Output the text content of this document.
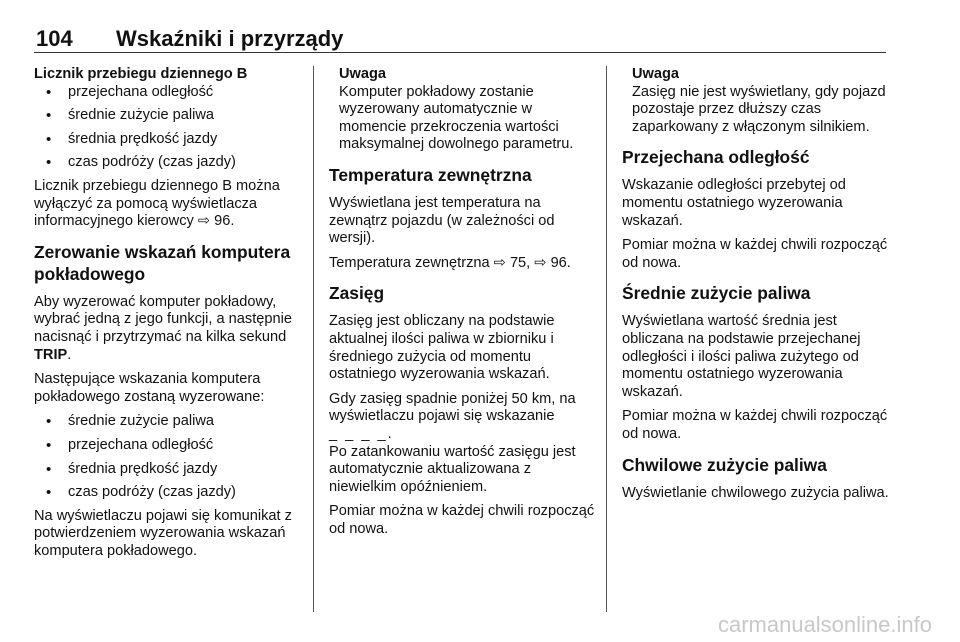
104 Wskaźniki i przyrządy

Licznik przebiegu dziennego B

• przejechana odległość
• średnie zużycie paliwa
• średnia prędkość jazdy
• czas podróży (czas jazdy)

Licznik przebiegu dziennego B można wyłączyć za pomocą wyświetlacza informacyjnego kierowcy ⇨ 96.

Zerowanie wskazań komputera pokładowego

Aby wyzerować komputer pokładowy, wybrać jedną z jego funkcji, a następnie nacisnąć i przytrzymać na kilka sekund TRIP.

Następujące wskazania komputera pokładowego zostaną wyzerowane:

• średnie zużycie paliwa
• przejechana odległość
• średnia prędkość jazdy
• czas podróży (czas jazdy)

Na wyświetlaczu pojawi się komunikat z potwierdzeniem wyzerowania wskazań komputera pokładowego.

Uwaga
Komputer pokładowy zostanie wyzerowany automatycznie w momencie przekroczenia wartości maksymalnej dowolnego parametru.
Temperatura zewnętrzna

Wyświetlana jest temperatura na zewnątrz pojazdu (w zależności od wersji).

Temperatura zewnętrzna ⇨ 75, ⇨ 96.

Zasięg

Zasięg jest obliczany na podstawie aktualnej ilości paliwa w zbiorniku i średniego zużycia od momentu ostatniego wyzerowania wskazań.

Gdy zasięg spadnie poniżej 50 km, na wyświetlaczu pojawi się wskazanie

_ _ _ _.

Po zatankowaniu wartość zasięgu jest automatycznie aktualizowana z niewielkim opóźnieniem.

Pomiar można w każdej chwili rozpocząć od nowa.

Uwaga
Zasięg nie jest wyświetlany, gdy pojazd pozostaje przez dłuższy czas zaparkowany z włączonym silnikiem.
Przejechana odległość

Wskazanie odległości przebytej od momentu ostatniego wyzerowania wskazań.

Pomiar można w każdej chwili rozpocząć od nowa.

Średnie zużycie paliwa

Wyświetlana wartość średnia jest obliczana na podstawie przejechanej odległości i ilości paliwa zużytego od momentu ostatniego wyzerowania wskazań.

Pomiar można w każdej chwili rozpocząć od nowa.

Chwilowe zużycie paliwa

Wyświetlanie chwilowego zużycia paliwa.

carmanualsonline.info
